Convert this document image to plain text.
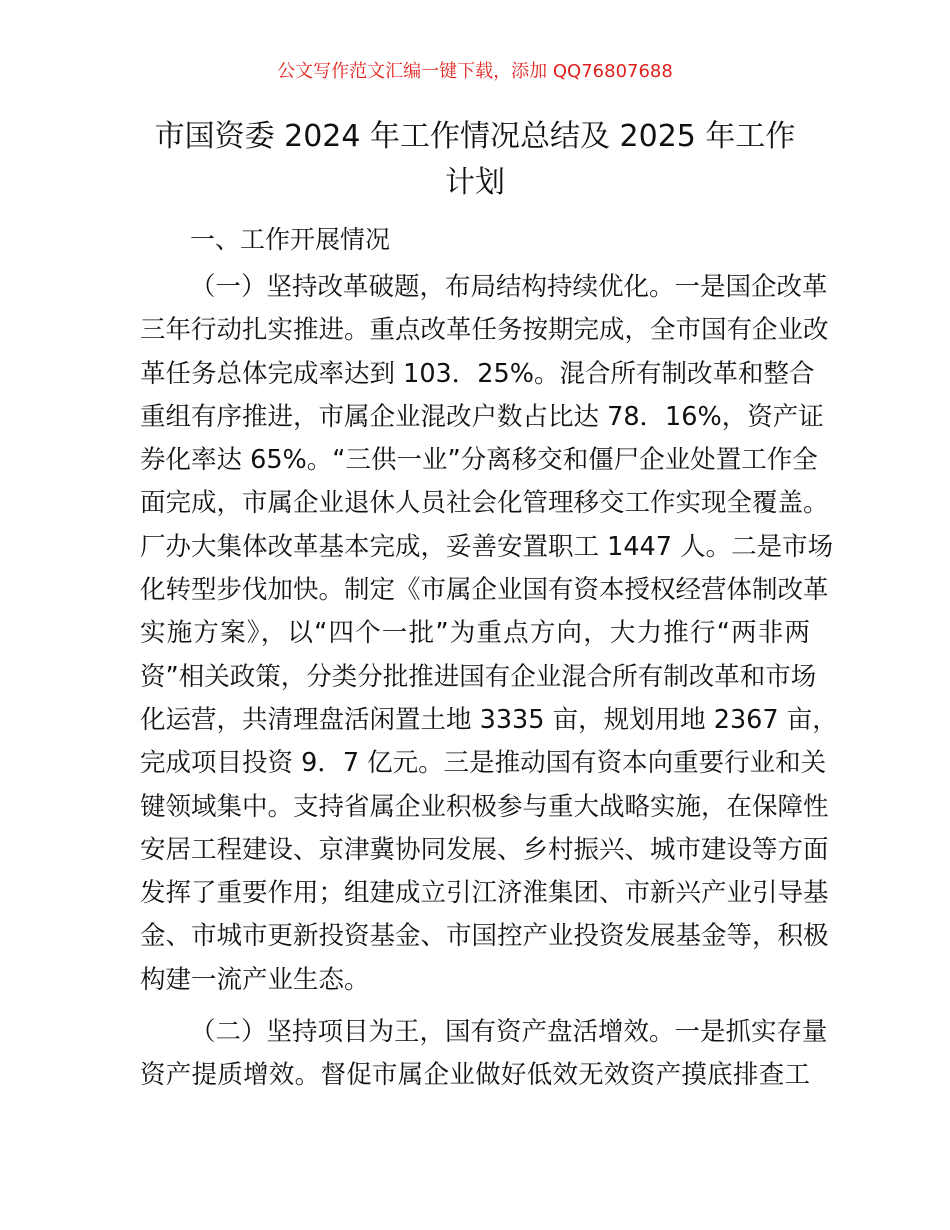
公文写作范文汇编一键下载，添加 QQ76807688
市国资委 2024 年工作情况总结及 2025 年工作
计划
一、工作开展情况
（一）坚持改革破题，布局结构持续优化。一是国企改革
三年行动扎实推进。重点改革任务按期完成，全市国有企业改
革任务总体完成率达到 103．25%。混合所有制改革和整合
重组有序推进，市属企业混改户数占比达 78．16%，资产证
券化率达 65%。“三供一业”分离移交和僵尸企业处置工作全
面完成，市属企业退休人员社会化管理移交工作实现全覆盖。
厂办大集体改革基本完成，妥善安置职工 1447 人。二是市场
化转型步伐加快。制定《市属企业国有资本授权经营体制改革
实施方案》，以“四个一批”为重点方向，大力推行“两非两
资”相关政策，分类分批推进国有企业混合所有制改革和市场
化运营，共清理盘活闲置土地 3335 亩，规划用地 2367 亩，
完成项目投资 9．7 亿元。三是推动国有资本向重要行业和关
键领域集中。支持省属企业积极参与重大战略实施，在保障性
安居工程建设、京津冀协同发展、乡村振兴、城市建设等方面
发挥了重要作用；组建成立引江济淮集团、市新兴产业引导基
金、市城市更新投资基金、市国控产业投资发展基金等，积极
构建一流产业生态。
（二）坚持项目为王，国有资产盘活增效。一是抓实存量
资产提质增效。督促市属企业做好低效无效资产摸底排查工
